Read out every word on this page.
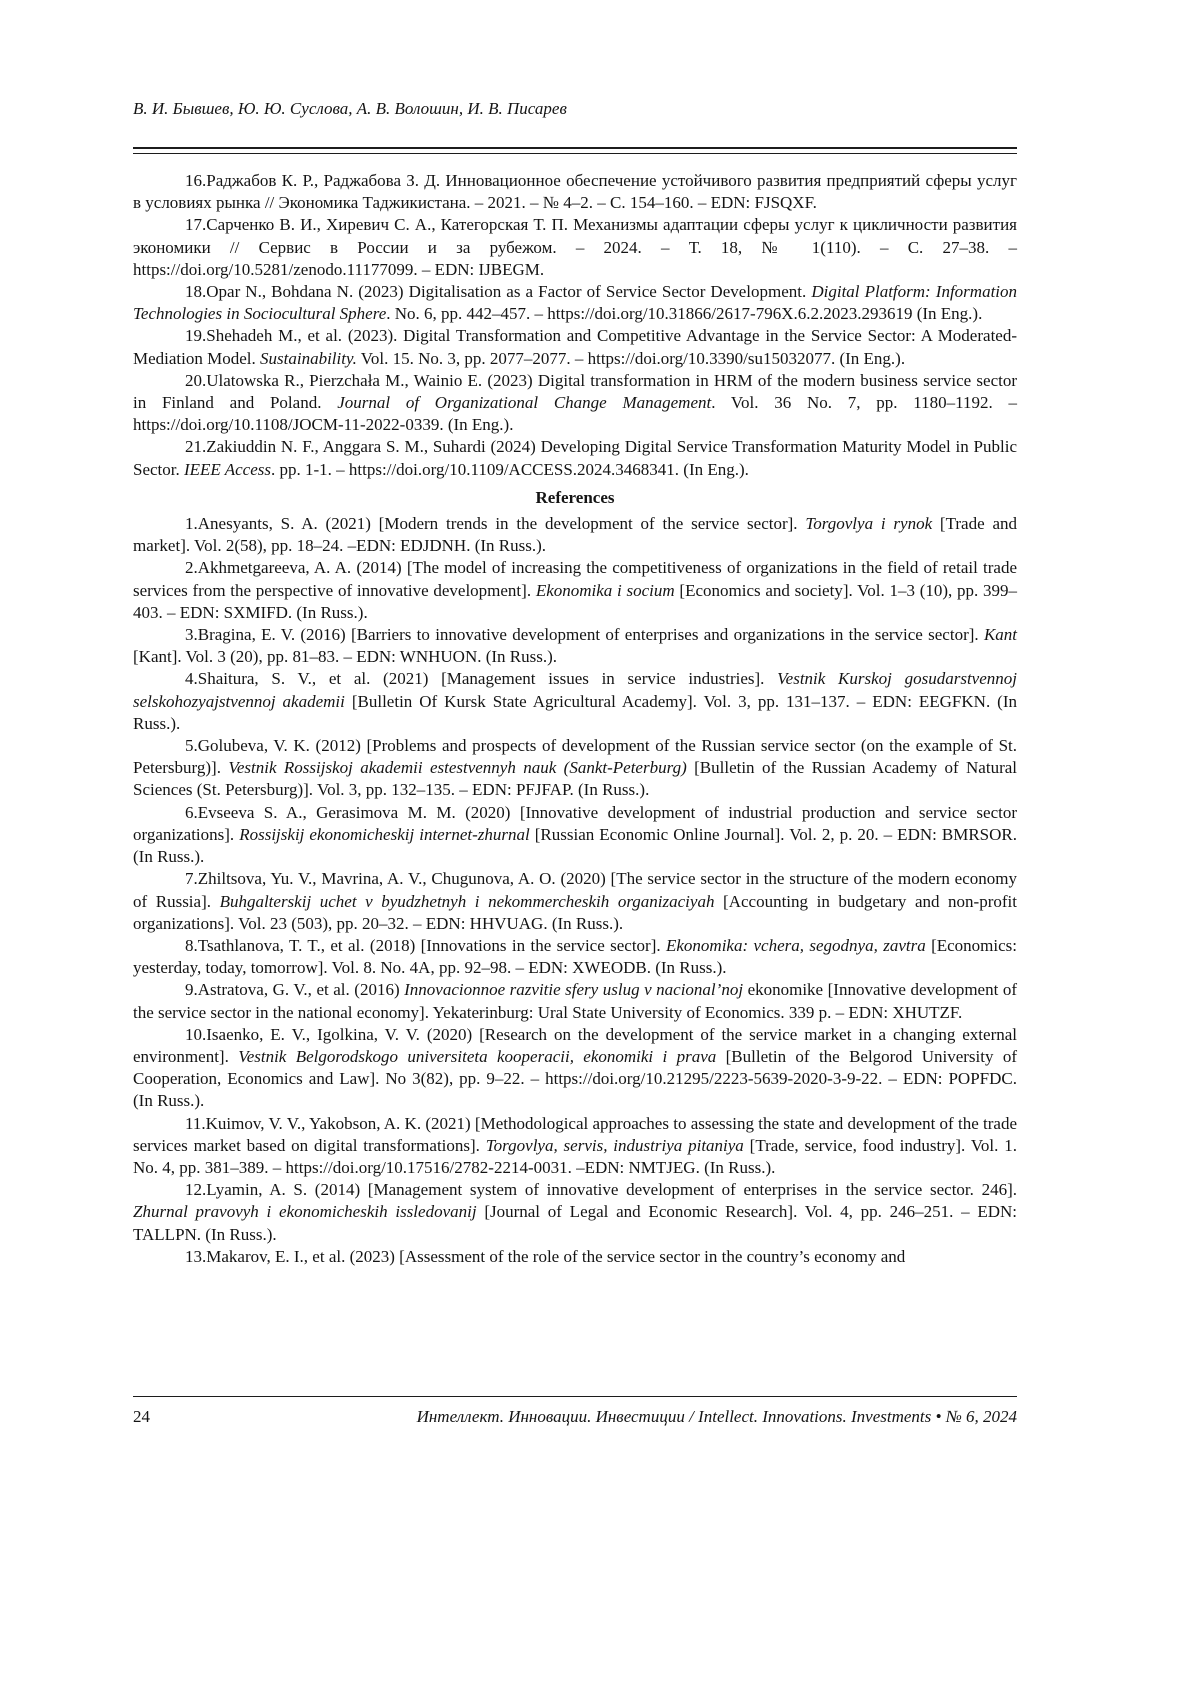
В. И. Бывшев, Ю. Ю. Суслова, А. В. Волошин, И. В. Писарев

16.Раджабов К. Р., Раджабова З. Д. Инновационное обеспечение устойчивого развития предприятий сферы услуг в условиях рынка // Экономика Таджикистана. – 2021. – № 4–2. – С. 154–160. – EDN: FJSQXF.

17.Сарченко В. И., Хиревич С. А., Категорская Т. П. Механизмы адаптации сферы услуг к цикличности развития экономики // Сервис в России и за рубежом. – 2024. – Т. 18, № 1(110). – С. 27–38. – https://doi.org/10.5281/zenodo.11177099. – EDN: IJBEGM.

18.Opar N., Bohdana N. (2023) Digitalisation as a Factor of Service Sector Development. Digital Platform: Information Technologies in Sociocultural Sphere. No. 6, pp. 442–457. – https://doi.org/10.31866/2617-796X.6.2.2023.293619 (In Eng.).

19.Shehadeh M., et al. (2023). Digital Transformation and Competitive Advantage in the Service Sector: A Moderated-Mediation Model. Sustainability. Vol. 15. No. 3, pp. 2077–2077. – https://doi.org/10.3390/su15032077. (In Eng.).

20.Ulatowska R., Pierzchała M., Wainio E. (2023) Digital transformation in HRM of the modern business service sector in Finland and Poland. Journal of Organizational Change Management. Vol. 36 No. 7, pp. 1180–1192. – https://doi.org/10.1108/JOCM-11-2022-0339. (In Eng.).

21.Zakiuddin N. F., Anggara S. M., Suhardi (2024) Developing Digital Service Transformation Maturity Model in Public Sector. IEEE Access. pp. 1-1. – https://doi.org/10.1109/ACCESS.2024.3468341. (In Eng.).

References

1.Anesyants, S. A. (2021) [Modern trends in the development of the service sector]. Torgovlya i rynok [Trade and market]. Vol. 2(58), pp. 18–24. –EDN: EDJDNH. (In Russ.).

2.Akhmetgareeva, A. A. (2014) [The model of increasing the competitiveness of organizations in the field of retail trade services from the perspective of innovative development]. Ekonomika i socium [Economics and society]. Vol. 1–3 (10), pp. 399–403. – EDN: SXMIFD. (In Russ.).

3.Bragina, E. V. (2016) [Barriers to innovative development of enterprises and organizations in the service sector]. Kant [Kant]. Vol. 3 (20), pp. 81–83. – EDN: WNHUON. (In Russ.).

4.Shaitura, S. V., et al. (2021) [Management issues in service industries]. Vestnik Kurskoj gosudarstvennoj selskohozyajstvennoj akademii [Bulletin Of Kursk State Agricultural Academy]. Vol. 3, pp. 131–137. – EDN: EEGFKN. (In Russ.).

5.Golubeva, V. K. (2012) [Problems and prospects of development of the Russian service sector (on the example of St. Petersburg)]. Vestnik Rossijskoj akademii estestvennyh nauk (Sankt-Peterburg) [Bulletin of the Russian Academy of Natural Sciences (St. Petersburg)]. Vol. 3, pp. 132–135. – EDN: PFJFAP. (In Russ.).

6.Evseeva S. A., Gerasimova M. M. (2020) [Innovative development of industrial production and service sector organizations]. Rossijskij ekonomicheskij internet-zhurnal [Russian Economic Online Journal]. Vol. 2, p. 20. – EDN: BMRSOR. (In Russ.).

7.Zhiltsova, Yu. V., Mavrina, A. V., Chugunova, A. O. (2020) [The service sector in the structure of the modern economy of Russia]. Buhgalterskij uchet v byudzhetnyh i nekommercheskih organizaciyah [Accounting in budgetary and non-profit organizations]. Vol. 23 (503), pp. 20–32. – EDN: HHVUAG. (In Russ.).

8.Tsathlanova, T. T., et al. (2018) [Innovations in the service sector]. Ekonomika: vchera, segodnya, zavtra [Economics: yesterday, today, tomorrow]. Vol. 8. No. 4A, pp. 92–98. – EDN: XWEODB. (In Russ.).

9.Astratova, G. V., et al. (2016) Innovacionnoe razvitie sfery uslug v nacional’noj ekonomike [Innovative development of the service sector in the national economy]. Yekaterinburg: Ural State University of Economics. 339 p. – EDN: XHUTZF.

10.Isaenko, E. V., Igolkina, V. V. (2020) [Research on the development of the service market in a changing external environment]. Vestnik Belgorodskogo universiteta kooperacii, ekonomiki i prava [Bulletin of the Belgorod University of Cooperation, Economics and Law]. No 3(82), pp. 9–22. – https://doi.org/10.21295/2223-5639-2020-3-9-22. – EDN: POPFDC. (In Russ.).

11.Kuimov, V. V., Yakobson, A. K. (2021) [Methodological approaches to assessing the state and development of the trade services market based on digital transformations]. Torgovlya, servis, industriya pitaniya [Trade, service, food industry]. Vol. 1. No. 4, pp. 381–389. – https://doi.org/10.17516/2782-2214-0031. –EDN: NMTJEG. (In Russ.).

12.Lyamin, A. S. (2014) [Management system of innovative development of enterprises in the service sector. 246]. Zhurnal pravovyh i ekonomicheskih issledovanij [Journal of Legal and Economic Research]. Vol. 4, pp. 246–251. – EDN: TALLPN. (In Russ.).

13.Makarov, E. I., et al. (2023) [Assessment of the role of the service sector in the country’s economy and

24	Интеллект. Инновации. Инвестиции / Intellect. Innovations. Investments • № 6, 2024
